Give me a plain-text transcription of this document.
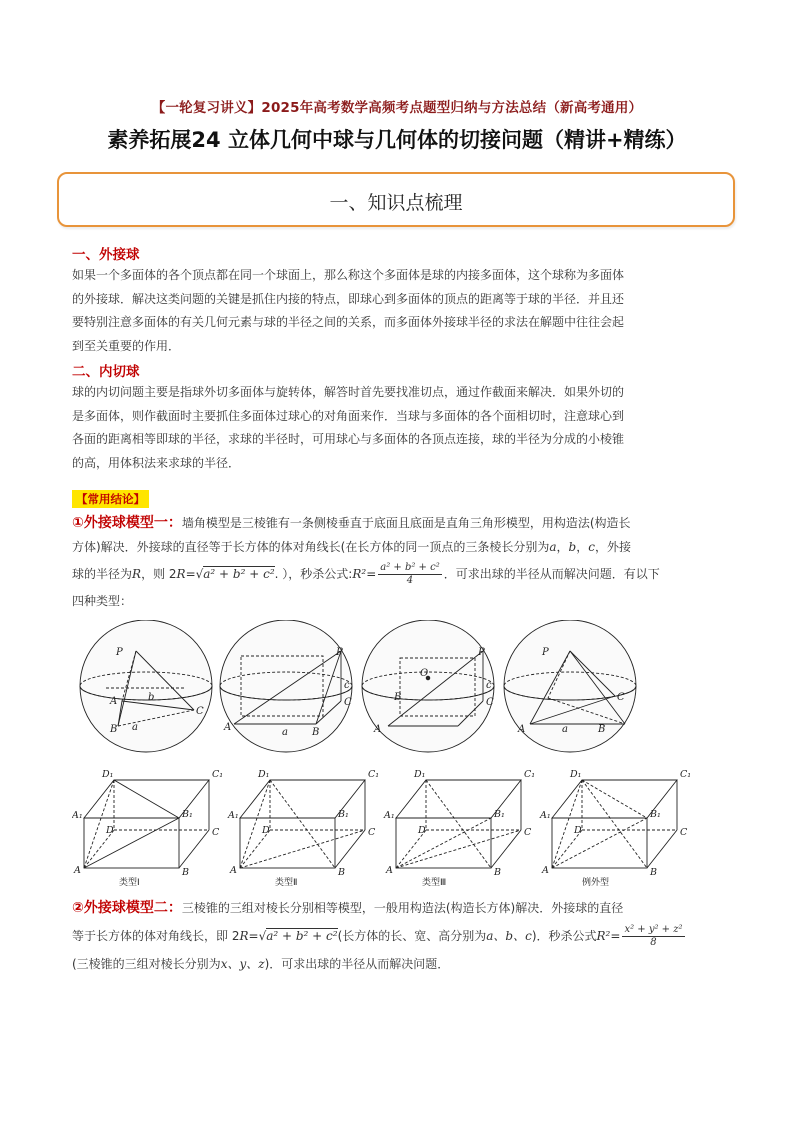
【一轮复习讲义】2025年高考数学高频考点题型归纳与方法总结（新高考通用）
素养拓展24 立体几何中球与几何体的切接问题（精讲+精练）
一、知识点梳理
一、外接球
如果一个多面体的各个顶点都在同一个球面上，那么称这个多面体是球的内接多面体，这个球称为多面体
的外接球．解决这类问题的关键是抓住内接的特点，即球心到多面体的顶点的距离等于球的半径．并且还
要特别注意多面体的有关几何元素与球的半径之间的关系，而多面体外接球半径的求法在解题中往往会起
到至关重要的作用．
二、内切球
球的内切问题主要是指球外切多面体与旋转体，解答时首先要找准切点，通过作截面来解决．如果外切的
是多面体，则作截面时主要抓住多面体过球心的对角面来作．当球与多面体的各个面相切时，注意球心到
各面的距离相等即球的半径，求球的半径时，可用球心与多面体的各顶点连接，球的半径为分成的小棱锥
的高，用体积法来求球的半径．
【常用结论】
①外接球模型一：墙角模型是三棱锥有一条侧棱垂直于底面且底面是直角三角形模型，用构造法(构造长
方体)解决．外接球的直径等于长方体的体对角线长(在长方体的同一顶点的三条棱长分别为a，b，c，外接
球的半径为R，则 2R=√a² + b² + c². ），秒杀公式:R²= $\frac{\text{a² + b² + c²}}{4}$ ．可求出球的半径从而解决问题．有以下
四种类型：
P
A
B
C
a
b
P
A	B
C
a
c
P
O
A
B	C
c
P
A	B
C
a
D₁	C₁
A₁	B₁
D	C
A	B
D₁	C₁
A₁	B₁
D	C
A	B
D₁	C₁
A₁	B₁
D	C
A	B
D₁	C₁
A₁	B₁
D	C
A	B
类型Ⅰ	类型Ⅱ	类型Ⅲ	例外型
②外接球模型二：三棱锥的三组对棱长分别相等模型，一般用构造法(构造长方体)解决．外接球的直径
等于长方体的体对角线长，即 2R=√a² + b² + c²(长方体的长、宽、高分别为a、b、c)．秒杀公式$R^2= \frac{\text{x² + y² + z²}}{8}$
(三棱锥的三组对棱长分别为x、y、z)．可求出球的半径从而解决问题．
